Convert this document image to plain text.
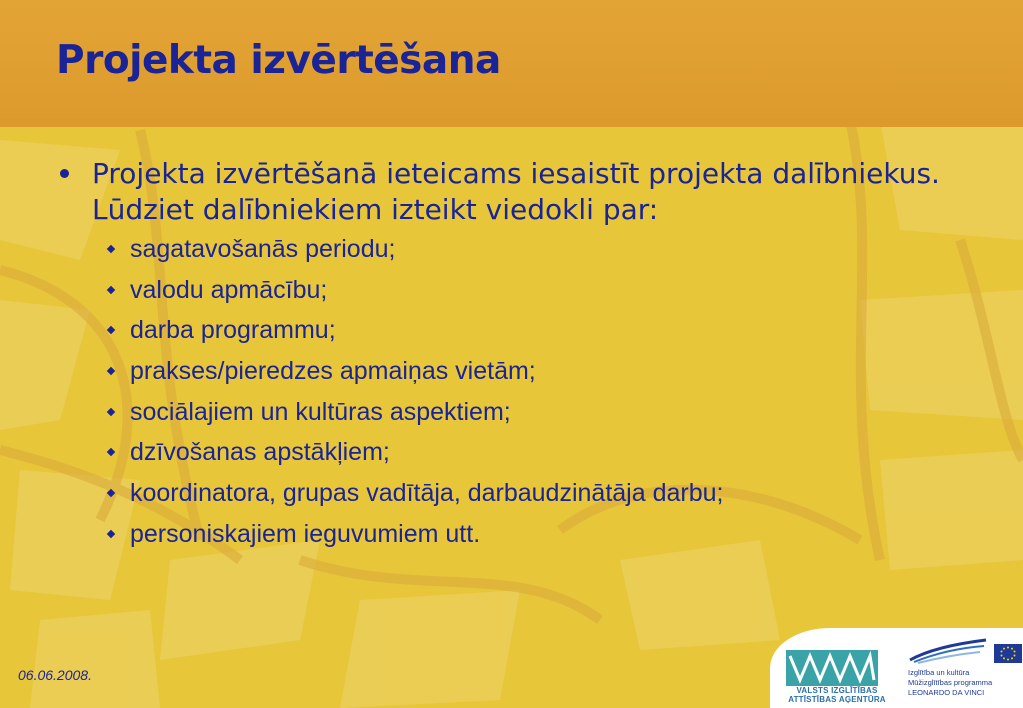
Projekta izvērtēšana
Projekta izvērtēšanā ieteicams iesaistīt projekta dalībniekus. Lūdziet dalībniekiem izteikt viedokli par:
sagatavošanās periodu;
valodu apmācību;
darba programmu;
prakses/pieredzes apmaiņas vietām;
sociālajiem un kultūras aspektiem;
dzīvošanas apstākļiem;
koordinatora, grupas vadītāja, darbaudzinātāja darbu;
personiskajiem ieguvumiem utt.
06.06.2008.
VALSTS IZGLĪTĪBAS
ATTĪSTĪBAS AĢENTŪRA
Izglītība un kultūra
Mūžizglītības programma
LEONARDO DA VINCI
